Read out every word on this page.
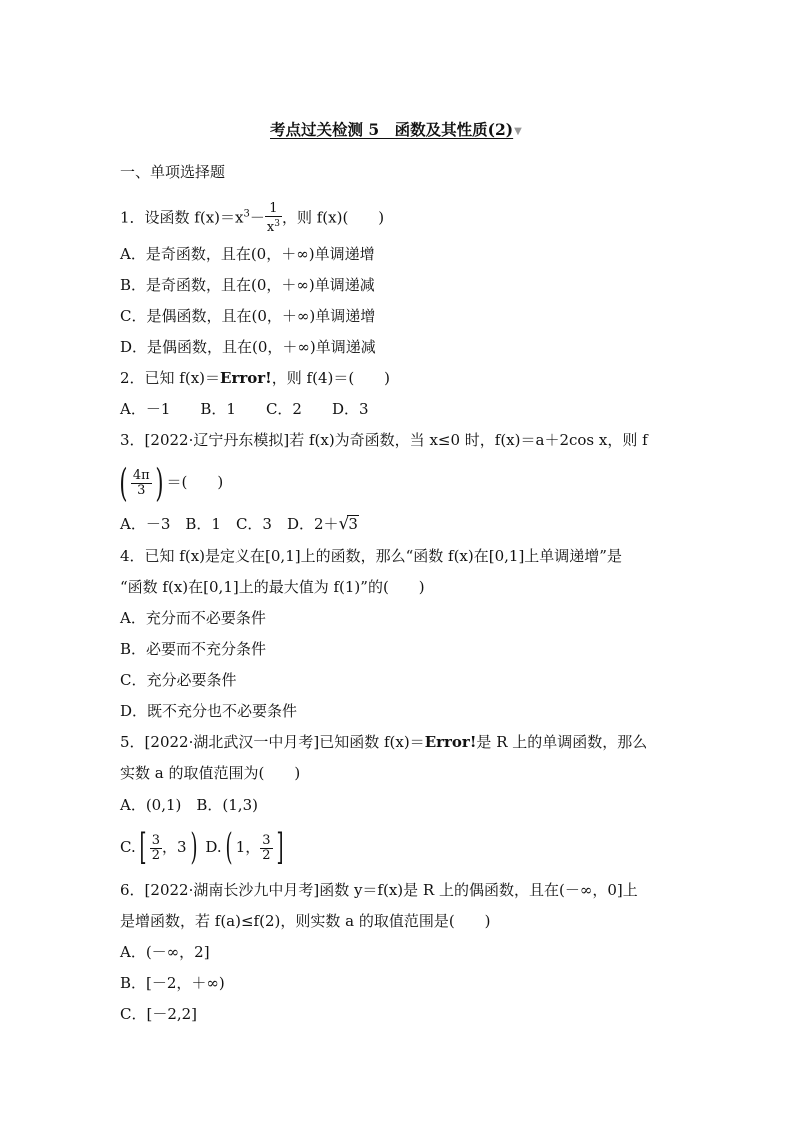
考点过关检测 5　函数及其性质(2)▼
一、单项选择题
1．设函数 $f(x)=x^3- \frac{1}{x^3}$ ，则 f(x)(　　)
A．是奇函数，且在(0，＋∞)单调递增
B．是奇函数，且在(0，＋∞)单调递减
C．是偶函数，且在(0，＋∞)单调递增
D．是偶函数，且在(0，＋∞)单调递减
2．已知 f(x)＝Error!，则 f(4)＝(　　)
A．－1　　B．1　　C．2　　D．3
3．[2022·辽宁丹东模拟]若 f(x)为奇函数，当 x≤0 时，f(x)＝a＋2cos x，则 f
( $\frac{4\pi}{3}$ ) ＝(　　)
A．－3　B．1　C．3　D．2＋√3
4．已知 f(x)是定义在[0,1]上的函数，那么“函数 f(x)在[0,1]上单调递增”是
“函数 f(x)在[0,1]上的最大值为 f(1)”的(　　)
A．充分而不必要条件
B．必要而不充分条件
C．充分必要条件
D．既不充分也不必要条件
5．[2022·湖北武汉一中月考]已知函数 f(x)＝Error!是 R 上的单调函数，那么
实数 a 的取值范围为(　　)
A．(0,1)　B．(1,3)
$C.[ \frac{3}{2}$ ，3) D.( 1， $\frac{3}{2}$ ]
6．[2022·湖南长沙九中月考]函数 y＝f(x)是 R 上的偶函数，且在(－∞，0]上
是增函数，若 f(a)≤f(2)，则实数 a 的取值范围是(　　)
A．(－∞，2]
B．[－2，＋∞)
C．[－2,2]
